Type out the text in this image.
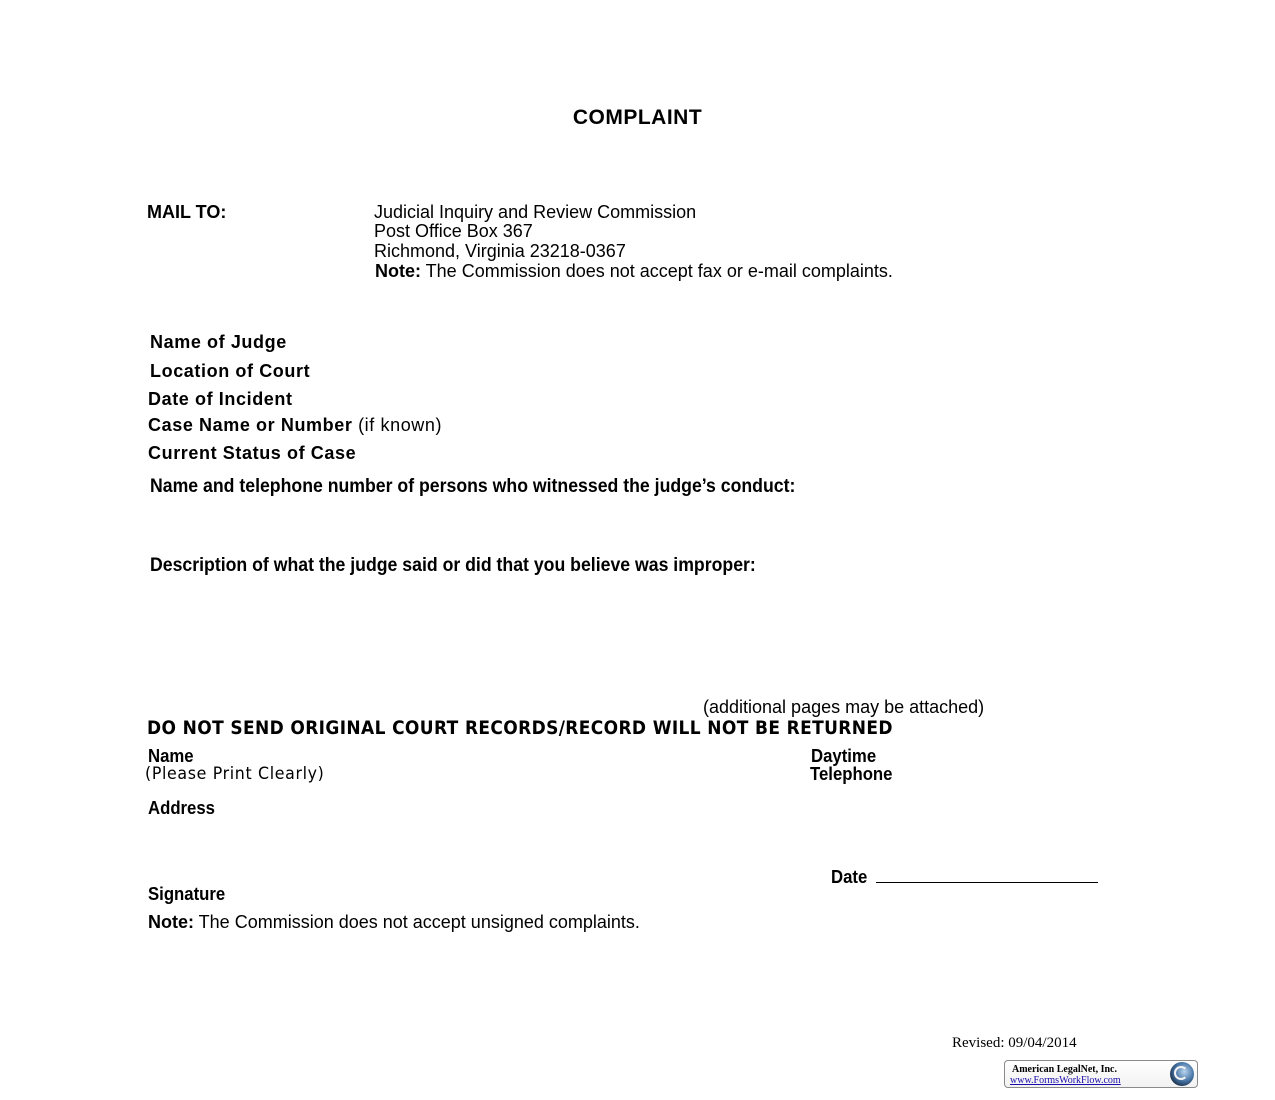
COMPLAINT
MAIL TO:	Judicial Inquiry and Review Commission
Post Office Box 367
Richmond, Virginia 23218-0367
Note: The Commission does not accept fax or e-mail complaints.
Name of Judge
Location of Court
Date of Incident
Case Name or Number (if known)
Current Status of Case
Name and telephone number of persons who witnessed the judge’s conduct:
Description of what the judge said or did that you believe was improper:
(additional pages may be attached)
DO NOT SEND ORIGINAL COURT RECORDS/RECORD WILL NOT BE RETURNED
Name
(Please Print Clearly)
Daytime
Telephone
Address
Date
Signature
Note: The Commission does not accept unsigned complaints.
Revised: 09/04/2014
American LegalNet, Inc.
www.FormsWorkFlow.com
